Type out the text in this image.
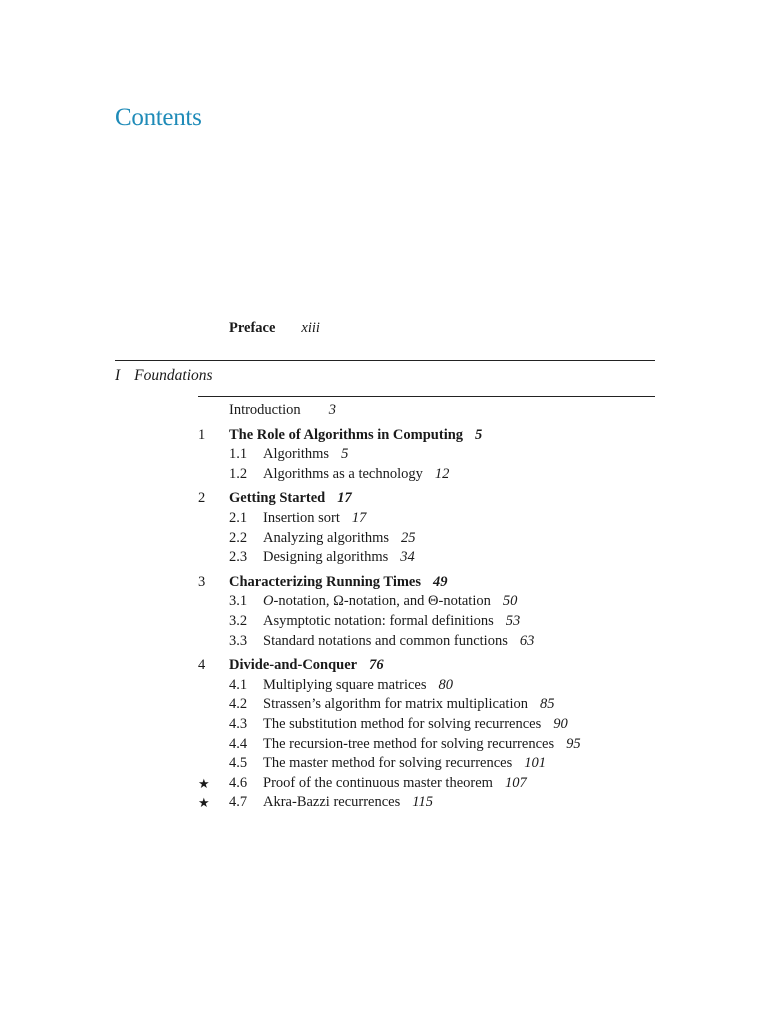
Contents
Preface xiii
I Foundations
Introduction 3
1 The Role of Algorithms in Computing 5
1.1 Algorithms 5
1.2 Algorithms as a technology 12
2 Getting Started 17
2.1 Insertion sort 17
2.2 Analyzing algorithms 25
2.3 Designing algorithms 34
3 Characterizing Running Times 49
3.1 O-notation, Ω-notation, and Θ-notation 50
3.2 Asymptotic notation: formal definitions 53
3.3 Standard notations and common functions 63
4 Divide-and-Conquer 76
4.1 Multiplying square matrices 80
4.2 Strassen’s algorithm for matrix multiplication 85
4.3 The substitution method for solving recurrences 90
4.4 The recursion-tree method for solving recurrences 95
4.5 The master method for solving recurrences 101
★ 4.6 Proof of the continuous master theorem 107
★ 4.7 Akra-Bazzi recurrences 115
